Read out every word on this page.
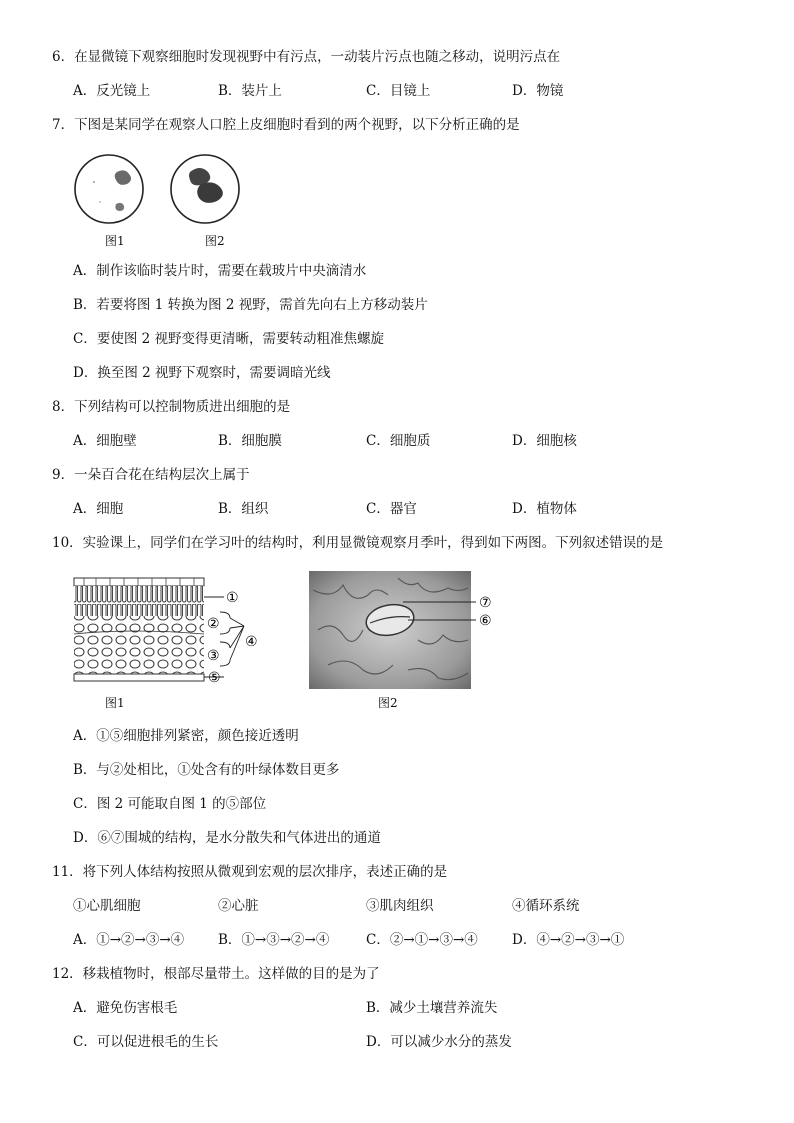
6．在显微镜下观察细胞时发现视野中有污点，一动装片污点也随之移动，说明污点在
A．反光镜上	B．装片上	C．目镜上	D．物镜
7．下图是某同学在观察人口腔上皮细胞时看到的两个视野，以下分析正确的是
图1	图2
A．制作该临时装片时，需要在载玻片中央滴清水
B．若要将图 1 转换为图 2 视野，需首先向右上方移动装片
C．要使图 2 视野变得更清晰，需要转动粗准焦螺旋
D．换至图 2 视野下观察时，需要调暗光线
8．下列结构可以控制物质进出细胞的是
A．细胞壁	B．细胞膜	C．细胞质	D．细胞核
9．一朵百合花在结构层次上属于
A．细胞	B．组织	C．器官	D．植物体
10．实验课上，同学们在学习叶的结构时，利用显微镜观察月季叶，得到如下两图。下列叙述错误的是
①
②
③
④
⑤
图1
⑦
⑥
图2
A．①⑤细胞排列紧密，颜色接近透明
B．与②处相比，①处含有的叶绿体数目更多
C．图 2 可能取自图 1 的⑤部位
D．⑥⑦围城的结构，是水分散失和气体进出的通道
11．将下列人体结构按照从微观到宏观的层次排序，表述正确的是
①心肌细胞	②心脏	③肌肉组织	④循环系统
A．①→②→③→④	B．①→③→②→④	C．②→①→③→④	D．④→②→③→①
12．移栽植物时，根部尽量带土。这样做的目的是为了
A．避免伤害根毛	B．减少土壤营养流失
C．可以促进根毛的生长	D．可以减少水分的蒸发
